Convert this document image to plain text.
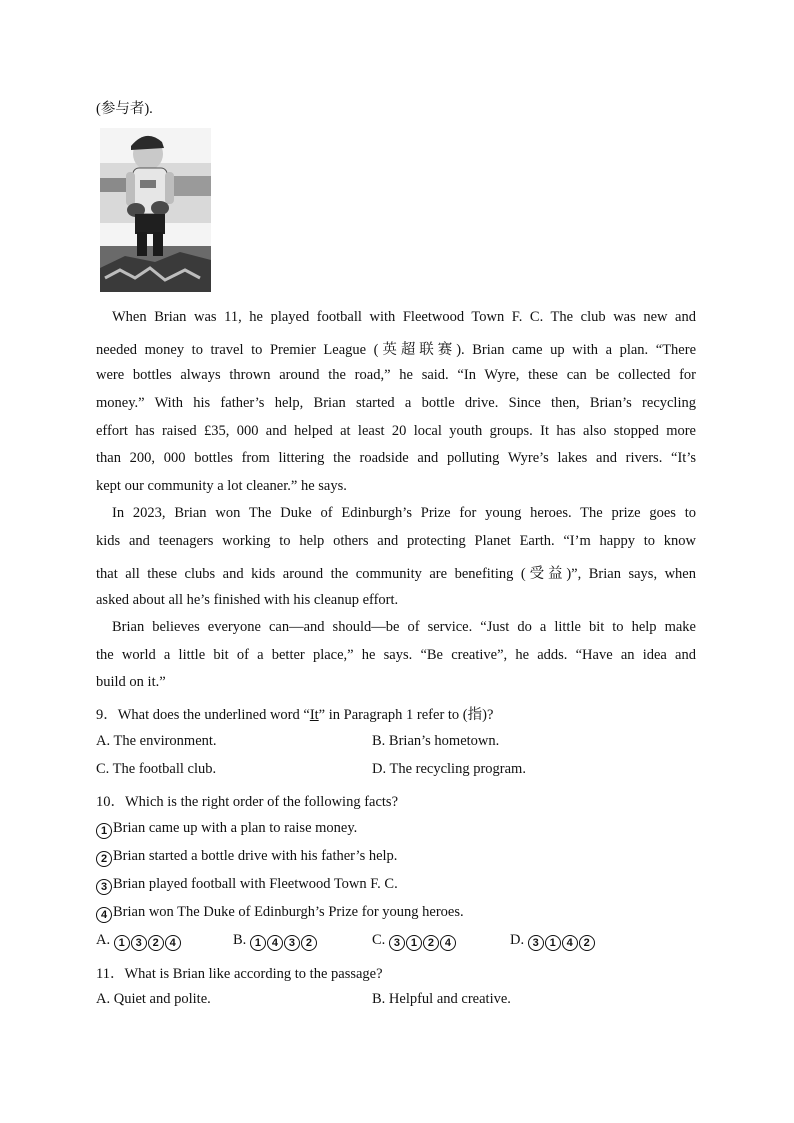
(参与者).
When Brian was 11, he played football with Fleetwood Town F. C. The club was new and
needed money to travel to Premier League (英超联赛). Brian came up with a plan. “There
were bottles always thrown around the road,” he said. “In Wyre, these can be collected for
money.” With his father’s help, Brian started a bottle drive. Since then, Brian’s recycling
effort has raised £35, 000 and helped at least 20 local youth groups. It has also stopped more
than 200, 000 bottles from littering the roadside and polluting Wyre’s lakes and rivers. “It’s
kept our community a lot cleaner.” he says.
In 2023, Brian won The Duke of Edinburgh’s Prize for young heroes. The prize goes to
kids and teenagers working to help others and protecting Planet Earth. “I’m happy to know
that all these clubs and kids around the community are benefiting (受益)”, Brian says, when
asked about all he’s finished with his cleanup effort.
Brian believes everyone can—and should—be of service. “Just do a little bit to help make
the world a little bit of a better place,” he says. “Be creative”, he adds. “Have an idea and
build on it.”
9．What does the underlined word “It” in Paragraph 1 refer to (指)?
A. The environment.	B. Brian’s hometown.
C. The football club.	D. The recycling program.
10．Which is the right order of the following facts?
1 Brian came up with a plan to raise money.
2 Brian started a bottle drive with his father’s help.
3 Brian played football with Fleetwood Town F. C.
4 Brian won The Duke of Edinburgh’s Prize for young heroes.
A. 1 3 2 4	B. 1 4 3 2	C. 3 1 2 4	D. 3 1 4 2
11．What is Brian like according to the passage?
A. Quiet and polite.	B. Helpful and creative.
